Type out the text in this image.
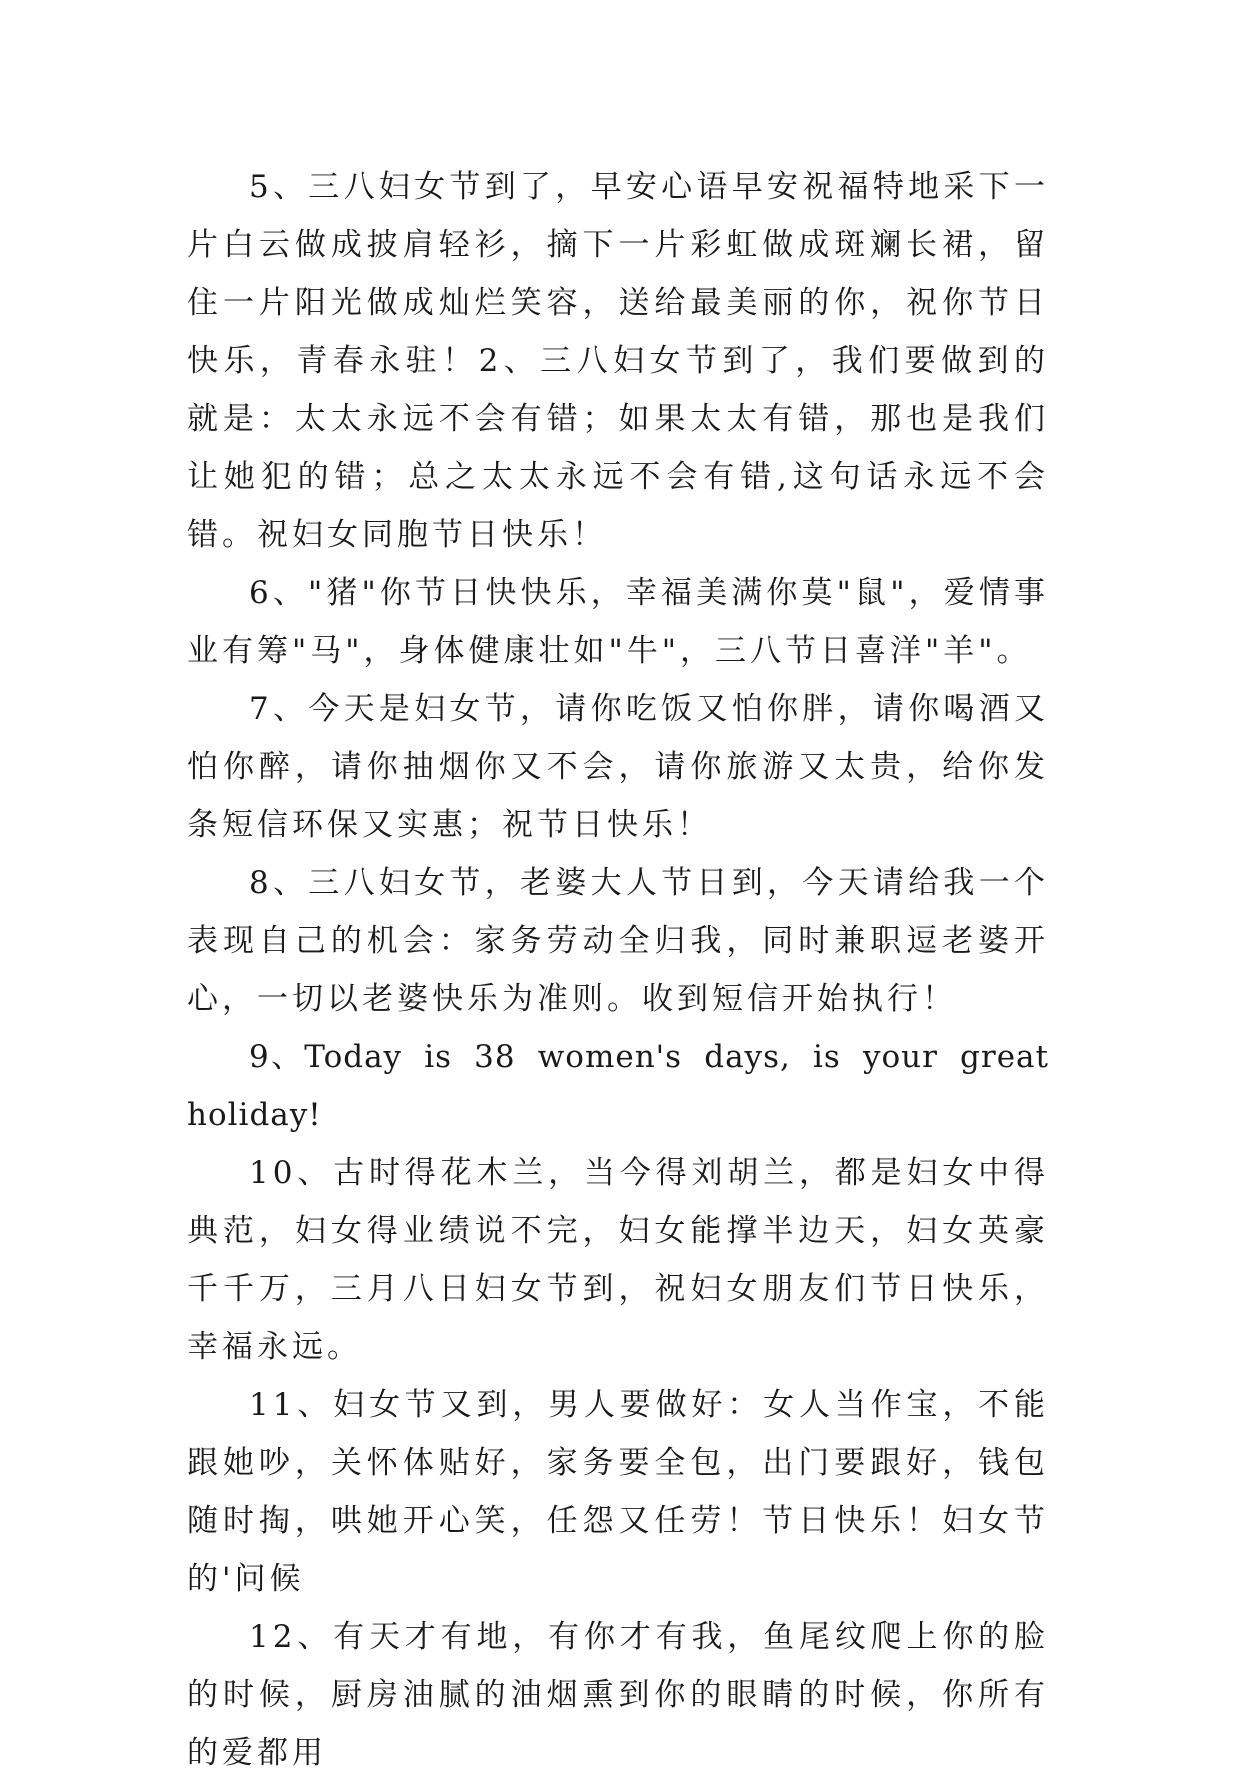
5、三八妇女节到了，早安心语早安祝福特地采下一片白云做成披肩轻衫，摘下一片彩虹做成斑斓长裙，留住一片阳光做成灿烂笑容，送给最美丽的你，祝你节日快乐，青春永驻！2、三八妇女节到了，我们要做到的就是：太太永远不会有错；如果太太有错，那也是我们让她犯的错；总之太太永远不会有错,这句话永远不会错。祝妇女同胞节日快乐！

6、"猪"你节日快快乐，幸福美满你莫"鼠"，爱情事业有筹"马"，身体健康壮如"牛"，三八节日喜洋"羊"。

7、今天是妇女节，请你吃饭又怕你胖，请你喝酒又怕你醉，请你抽烟你又不会，请你旅游又太贵，给你发条短信环保又实惠；祝节日快乐！

8、三八妇女节，老婆大人节日到，今天请给我一个表现自己的机会：家务劳动全归我，同时兼职逗老婆开心，一切以老婆快乐为准则。收到短信开始执行！

9、Today is 38 women's days, is your great holiday!

10、古时得花木兰，当今得刘胡兰，都是妇女中得典范，妇女得业绩说不完，妇女能撑半边天，妇女英豪千千万，三月八日妇女节到，祝妇女朋友们节日快乐，幸福永远。

11、妇女节又到，男人要做好：女人当作宝，不能跟她吵，关怀体贴好，家务要全包，出门要跟好，钱包随时掏，哄她开心笑，任怨又任劳！节日快乐！妇女节的'问候

12、有天才有地，有你才有我，鱼尾纹爬上你的脸的时候，厨房油腻的油烟熏到你的眼睛的时候，你所有的爱都用
